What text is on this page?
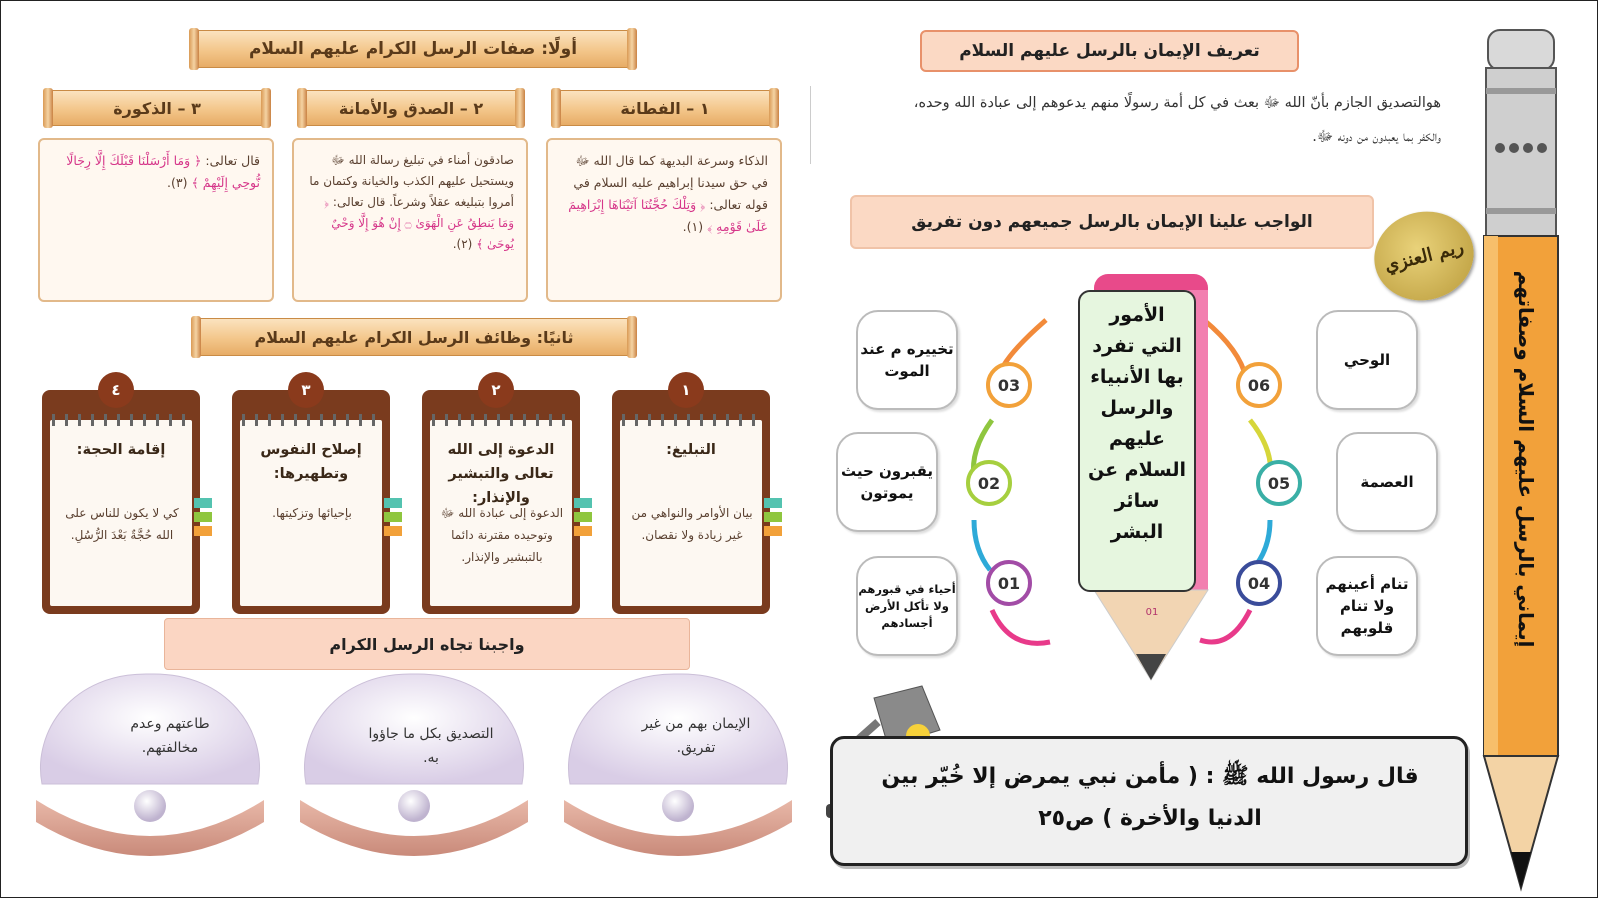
إيماني بالرسل عليهم السلام وصفاتهم
تعريف الإيمان بالرسل عليهم السلام
هوالتصديق الجازم بأنّ الله ﷻ بعث في كل أمة رسولًا منهم يدعوهم إلى عبادة الله وحده،
والكفر بما يعبدون من دونه ﷻ.
الواجب علينا الإيمان بالرسل جميعهم دون تفريق
ريم العنزي
01
الأمور التي تفرد بها الأنبياء والرسل عليهم السلام عن سائر البشر
03
02
01
06
05
04
تخييره م عند الموت
يقبرون حيث يموتون
أحياء في قبورهم ولا تأكل الأرض أجسادهم
الوحي
العصمة
تنام أعينهم ولا تنام قلوبهم
قال رسول الله ﷺ : ( مأمن نبي يمرض إلا خُيّر بين الدنيا والأخرة ) ص٢٥
أولًا: صفات الرسل الكرام عليهم السلام
١ – الفطانة
٢ – الصدق والأمانة
٣ – الذكورة
الذكاء وسرعة البديهة كما قال الله ﷻ في حق سيدنا إبراهيم عليه السلام في قوله تعالى: ﴿ وَتِلْكَ حُجَّتُنَا آتَيْنَاهَا إِبْرَاهِيمَ عَلَىٰ قَوْمِهِ ﴾ (١).
صادقون أمناء في تبليغ رسالة الله ﷻ ويستحيل عليهم الكذب والخيانة وكتمان ما أمروا بتبليغه عقلاً وشرعاً. قال تعالى: ﴿ وَمَا يَنطِقُ عَنِ الْهَوَىٰ ۝ إِنْ هُوَ إِلَّا وَحْيٌ يُوحَىٰ ﴾ (٢).
قال تعالى: ﴿ وَمَا أَرْسَلْنَا قَبْلَكَ إِلَّا رِجَالًا نُّوحِي إِلَيْهِمْ ﴾ (٣).
ثانيًا: وظائف الرسل الكرام عليهم السلام
١
التبليغ:
بيان الأوامر والنواهي من غير زيادة ولا نقصان.
٢
الدعوة إلى الله تعالى والتبشير والإنذار:
الدعوة إلى عبادة الله ﷻ وتوحيده مقترنة دائما بالتبشير والإنذار.
٣
إصلاح النفوس وتطهيرها:
بإحيائها وتزكيتها.
٤
إقامة الحجة:
كي لا يكون للناس على الله حُجَّةٌ بَعْدَ الرُّسُلِ.
واجبنا تجاه الرسل الكرام
الإيمان بهم من غير تفريق.
التصديق بكل ما جاؤوا به.
طاعتهم وعدم مخالفتهم.
